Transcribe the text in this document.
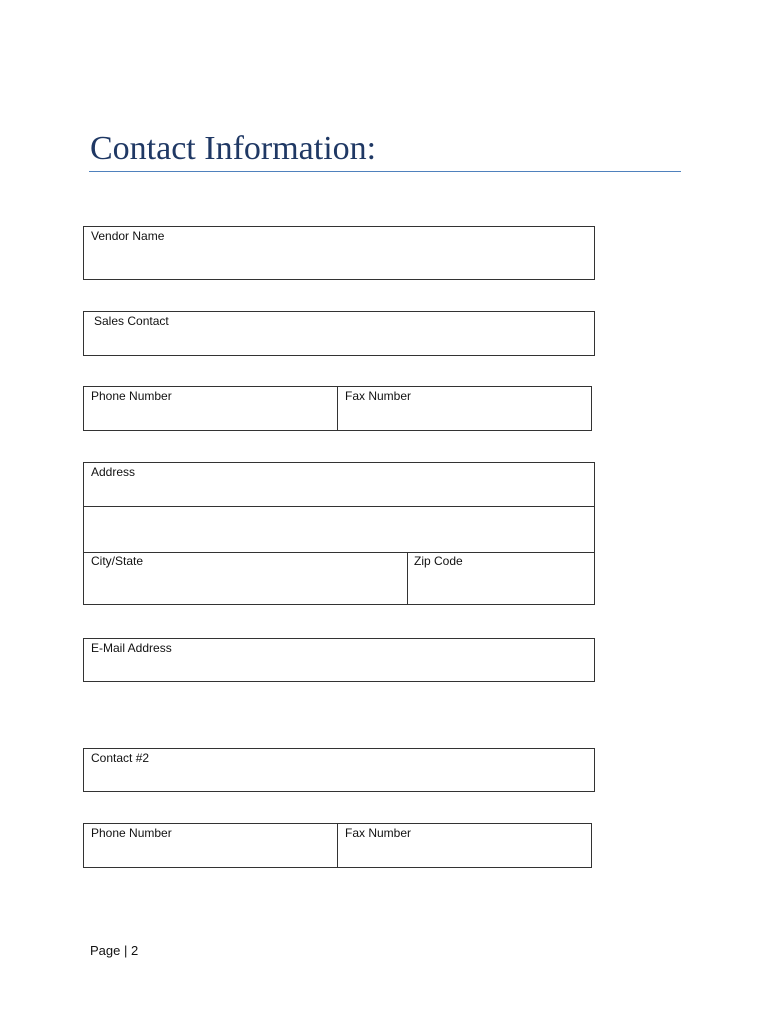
Contact Information:
Vendor Name
Sales Contact
Phone Number	Fax Number
Address
City/State	Zip Code
E-Mail Address
Contact #2
Phone Number	Fax Number
Page | 2
